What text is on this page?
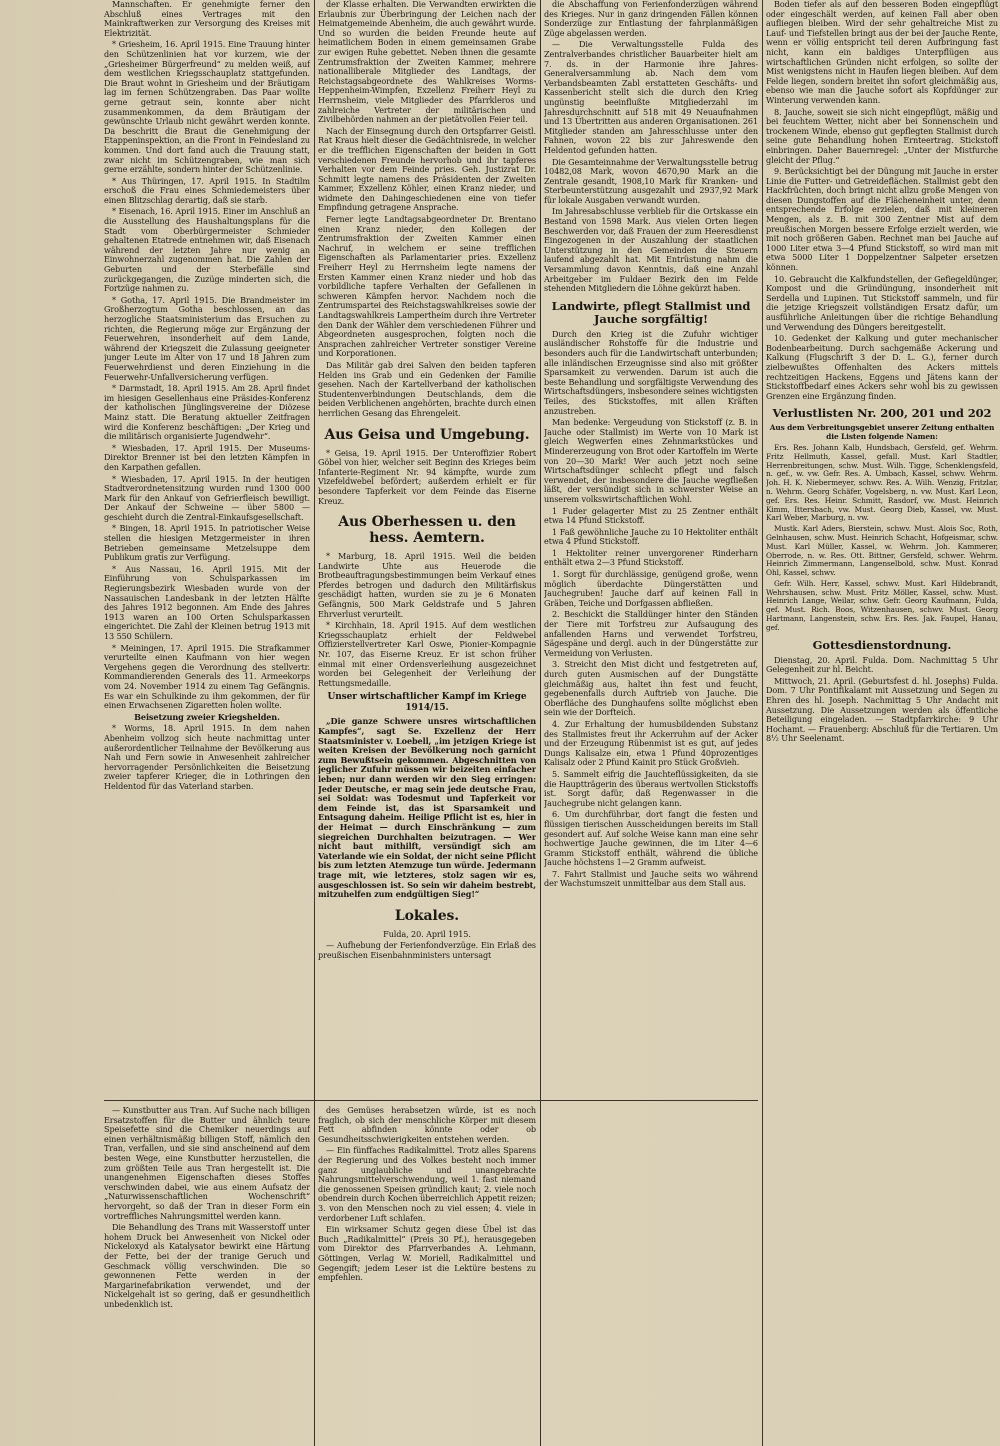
Mannschaften. Er genehmigte ferner den Abschluß eines Vertrages mit den Mainkraftwerken zur Versorgung des Kreises mit Elektrizität.

* Griesheim, 16. April 1915. Eine Trauung hinter den Schützenlinien hat vor kurzem, wie der „Griesheimer Bürgerfreund“ zu melden weiß, auf dem westlichen Kriegsschauplatz stattgefunden. Die Braut wohnt in Griesheim und der Bräutigam lag im fernen Schützengraben. Das Paar wollte gerne getraut sein, konnte aber nicht zusammenkommen, da dem Bräutigam der gewünschte Urlaub nicht gewährt werden konnte. Da beschritt die Braut die Genehmigung der Etappeninspektion, an die Front in Feindesland zu kommen. Und dort fand auch die Trauung statt, zwar nicht im Schützengraben, wie man sich gerne erzählte, sondern hinter der Schützenlinie.

* Aus Thüringen, 17. April 1915. In Stadtilm erschoß die Frau eines Schmiedemeisters über einen Blitzschlag derartig, daß sie starb.

* Eisenach, 16. April 1915. Einer im Anschluß an die Ausstellung des Haushaltungsplans für die Stadt vom Oberbürgermeister Schmieder gehaltenen Etatrede entnehmen wir, daß Eisenach während der letzten Jahre nur wenig an Einwohnerzahl zugenommen hat. Die Zahlen der Geburten und der Sterbefälle sind zurückgegangen, die Zuzüge minderten sich, die Fortzüge nahmen zu.

* Gotha, 17. April 1915. Die Brandmeister im Großherzogtum Gotha beschlossen, an das herzogliche Staatsministerium das Ersuchen zu richten, die Regierung möge zur Ergänzung der Feuerwehren, insonderheit auf dem Lande, während der Kriegszeit die Zulassung geeigneter junger Leute im Alter von 17 und 18 Jahren zum Feuerwehrdienst und deren Einziehung in die Feuerwehr-Unfallversicherung verfügen.

* Darmstadt, 18. April 1915. Am 28. April findet im hiesigen Gesellenhaus eine Präsides-Konferenz der katholischen Jünglingsvereine der Diözese Mainz statt. Die Beratung aktueller Zeitfragen wird die Konferenz beschäftigen: „Der Krieg und die militärisch organisierte Jugendwehr“.

* Wiesbaden, 17. April 1915. Der Museums-Direktor Brenner ist bei den letzten Kämpfen in den Karpathen gefallen.

* Wiesbaden, 17. April 1915. In der heutigen Stadtverordnetensitzung wurden rund 1300 000 Mark für den Ankauf von Gefrierfleisch bewilligt. Der Ankauf der Schweine — über 5800 — geschieht durch die Zentral-Einkaufsgesellschaft.

* Bingen, 18. April 1915. In patriotischer Weise stellen die hiesigen Metzgermeister in ihren Betrieben gemeinsame Metzelsuppe dem Publikum gratis zur Verfügung.

* Aus Nassau, 16. April 1915. Mit der Einführung von Schulsparkassen im Regierungsbezirk Wiesbaden wurde von der Nassauischen Landesbank in der letzten Hälfte des Jahres 1912 begonnen. Am Ende des Jahres 1913 waren an 100 Orten Schulsparkassen eingerichtet. Die Zahl der Kleinen betrug 1913 mit 13 550 Schülern.

* Meiningen, 17. April 1915. Die Strafkammer verurteilte einen Kaufmann von hier wegen Vergehens gegen die Verordnung des stellvertr. Kommandierenden Generals des 11. Armeekorps vom 24. November 1914 zu einem Tag Gefängnis. Es war ein Schulkinde zu ihm gekommen, der für einen Erwachsenen Zigaretten holen wollte.

Beisetzung zweier Kriegshelden.

* Worms, 18. April 1915. In dem nahen Abenheim vollzog sich heute nachmittag unter außerordentlicher Teilnahme der Bevölkerung aus Nah und Fern sowie in Anwesenheit zahlreicher hervorragender Persönlichkeiten die Beisetzung zweier tapferer Krieger, die in Lothringen den Heldentod für das Vaterland starben.

— Kunstbutter aus Tran. Auf Suche nach billigen Ersatzstoffen für die Butter und ähnlich teure Speisefette sind die Chemiker neuerdings auf einen verhältnismäßig billigen Stoff, nämlich den Tran, verfallen, und sie sind anscheinend auf dem besten Wege, eine Kunstbutter herzustellen, die zum größten Teile aus Tran hergestellt ist. Die unangenehmen Eigenschaften dieses Stoffes verschwinden dabei, wie aus einem Aufsatz der „Naturwissenschaftlichen Wochenschrift“ hervorgeht, so daß der Tran in dieser Form ein vortreffliches Nahrungsmittel werden kann.

Die Behandlung des Trans mit Wasserstoff unter hohem Druck bei Anwesenheit von Nickel oder Nickeloxyd als Katalysator bewirkt eine Härtung der Fette, bei der der tranige Geruch und Geschmack völlig verschwinden. Die so gewonnenen Fette werden in der Margarinefabrikation verwendet, und der Nickelgehalt ist so gering, daß er gesundheitlich unbedenklich ist.

der Klasse erhalten. Die Verwandten erwirkten die Erlaubnis zur Überbringung der Leichen nach der Heimatgemeinde Abenheim, die auch gewährt wurde. Und so wurden die beiden Freunde heute auf heimatlichem Boden in einem gemeinsamen Grabe zur ewigen Ruhe gebettet. Neben ihnen die gesamte Zentrumsfraktion der Zweiten Kammer, mehrere nationalliberale Mitglieder des Landtags, der Reichstagsabgeordnete des Wahlkreises Worms-Heppenheim-Wimpfen, Exzellenz Freiherr Heyl zu Herrnsheim, viele Mitglieder des Pfarrkleros und zahlreiche Vertreter der militärischen und Zivilbehörden nahmen an der pietätvollen Feier teil.

Nach der Einsegnung durch den Ortspfarrer Geistl. Rat Kraus hielt dieser die Gedächtnisrede, in welcher er die trefflichen Eigenschaften der beiden in Gott verschiedenen Freunde hervorhob und ihr tapferes Verhalten vor dem Feinde pries. Geh. Justizrat Dr. Schmitt legte namens des Präsidenten der Zweiten Kammer, Exzellenz Köhler, einen Kranz nieder, und widmete den Dahingeschiedenen eine von tiefer Empfindung getragene Ansprache.

Ferner legte Landtagsabgeordneter Dr. Brentano einen Kranz nieder, den Kollegen der Zentrumsfraktion der Zweiten Kammer einen Nachruf, in welchem er seine trefflichen Eigenschaften als Parlamentarier pries. Exzellenz Freiherr Heyl zu Herrnsheim legte namens der Ersten Kammer einen Kranz nieder und hob das vorbildliche tapfere Verhalten der Gefallenen in schweren Kämpfen hervor. Nachdem noch die Zentrumspartei des Reichstagswahlkreises sowie der Landtagswahlkreis Lampertheim durch ihre Vertreter den Dank der Wähler dem verschiedenen Führer und Abgeordneten ausgesprochen, folgten noch die Ansprachen zahlreicher Vertreter sonstiger Vereine und Korporationen.

Das Militär gab drei Salven den beiden tapferen Helden ins Grab und ein Gedenken der Familie gesehen. Nach der Kartellverband der katholischen Studentenverbindungen Deutschlands, dem die beiden Verblichenen angehörten, brachte durch einen herrlichen Gesang das Ehrengeleit.

Aus Geisa und Umgebung.

* Geisa, 19. April 1915. Der Unteroffizier Robert Göbel von hier, welcher seit Beginn des Krieges beim Infanterie-Regiment Nr. 94 kämpfte, wurde zum Vizefeldwebel befördert; außerdem erhielt er für besondere Tapferkeit vor dem Feinde das Eiserne Kreuz.

Aus Oberhessen u. den hess. Aemtern.

* Marburg, 18. April 1915. Weil die beiden Landwirte Uhte aus Heuerode die Brotbeauftragungsbestimmungen beim Verkauf eines Pferdes betrogen und dadurch den Militärfiskus geschädigt hatten, wurden sie zu je 6 Monaten Gefängnis, 500 Mark Geldstrafe und 5 Jahren Ehrverlust verurteilt.

* Kirchhain, 18. April 1915. Auf dem westlichen Kriegsschauplatz erhielt der Feldwebel Offizierstellvertreter Karl Oswe, Pionier-Kompagnie Nr. 107, das Eiserne Kreuz. Er ist schon früher einmal mit einer Ordensverleihung ausgezeichnet worden bei Gelegenheit der Verleihung der Rettungsmedaille.

Unser wirtschaftlicher Kampf im Kriege 1914/15.

„Die ganze Schwere unsres wirtschaftlichen Kampfes“, sagt Se. Exzellenz der Herr Staatsminister v. Loebell, „im jetzigen Kriege ist weiten Kreisen der Bevölkerung noch garnicht zum Bewußtsein gekommen. Abgeschnitten von jeglicher Zufuhr müssen wir beizeiten einfacher leben; nur dann werden wir den Sieg erringen: Jeder Deutsche, er mag sein jede deutsche Frau, sei Soldat: was Todesmut und Tapferkeit vor dem Feinde ist, das ist Sparsamkeit und Entsagung daheim. Heilige Pflicht ist es, hier in der Heimat — durch Einschränkung — zum siegreichen Durchhalten beizutragen. — Wer nicht baut mithilft, versündigt sich am Vaterlande wie ein Soldat, der nicht seine Pflicht bis zum letzten Atemzuge tun würde. Jedermann trage mit, wie letzteres, stolz sagen wir es, ausgeschlossen ist. So sein wir daheim bestrebt, mitzuhelfen zum endgültigen Sieg!“

Lokales.

Fulda, 20. April 1915.

— Aufhebung der Ferienfondverzüge. Ein Erlaß des preußischen Eisenbahnministers untersagt

des Gemüses herabsetzen würde, ist es noch fraglich, ob sich der menschliche Körper mit diesem Fett abfinden könnte oder ob Gesundheitsschwierigkeiten entstehen werden.

— Ein fünffaches Radikalmittel. Trotz alles Sparens der Regierung und des Volkes besteht noch immer ganz unglaubliche und unangebrachte Nahrungsmittelverschwendung, weil 1. fast niemand die genossenen Speisen gründlich kaut; 2. viele noch obendrein durch Kochen überreichlich Appetit reizen; 3. von den Menschen noch zu viel essen; 4. viele in verdorbener Luft schlafen.

Ein wirksamer Schutz gegen diese Übel ist das Buch „Radikalmittel“ (Preis 30 Pf.), herausgegeben vom Direktor des Pfarrverbandes A. Lehmann, Göttingen, Verlag W. Moriell, Radikalmittel und Gegengift; jedem Leser ist die Lektüre bestens zu empfehlen.

die Abschaffung von Ferienfonderzügen während des Krieges. Nur in ganz dringenden Fällen können Sonderzüge zur Entlastung der fahrplanmäßigen Züge abgelassen werden.

— Die Verwaltungsstelle Fulda des Zentralverbandes christlicher Bauarbeiter hielt am 7. ds. in der Harmonie ihre Jahres-Generalversammlung ab. Nach dem vom Verbandsbeamten Zabl erstatteten Geschäfts- und Kassenbericht stellt sich die durch den Krieg ungünstig beeinflußte Mitgliederzahl im Jahresdurchschnitt auf 518 mit 49 Neuaufnahmen und 13 Übertritten aus anderen Organisationen. 261 Mitglieder standen am Jahresschlusse unter den Fahnen, wovon 22 bis zur Jahreswende den Heldentod gefunden hatten.

Die Gesamteinnahme der Verwaltungsstelle betrug 10482,08 Mark, wovon 4670,90 Mark an die Zentrale gesandt, 1908,10 Mark für Kranken- und Sterbeunterstützung ausgezahlt und 2937,92 Mark für lokale Ausgaben verwandt wurden.

Im Jahresabschlusse verblieb für die Ortskasse ein Bestand von 1598 Mark. Aus vielen Orten liegen Beschwerden vor, daß Frauen der zum Heeresdienst Eingezogenen in der Auszahlung der staatlichen Unterstützung in den Gemeinden die Steuern laufend abgezahlt hat. Mit Entrüstung nahm die Versammlung davon Kenntnis, daß eine Anzahl Arbeitgeber im Fuldaer Bezirk den im Felde stehenden Mitgliedern die Löhne gekürzt haben.

Landwirte, pflegt Stallmist und Jauche sorgfältig!

Durch den Krieg ist die Zufuhr wichtiger ausländischer Rohstoffe für die Industrie und besonders auch für die Landwirtschaft unterbunden; alle inländischen Erzeugnisse sind also mit größter Sparsamkeit zu verwenden. Darum ist auch die beste Behandlung und sorgfältigste Verwendung des Wirtschaftsdüngers, insbesondere seines wichtigsten Teiles, des Stickstoffes, mit allen Kräften anzustreben.

Man bedenke: Vergeudung von Stickstoff (z. B. in Jauche oder Stallmist) im Werte von 10 Mark ist gleich Wegwerfen eines Zehnmarkstückes und Mindererzeugung von Brot oder Kartoffeln im Werte von 20—30 Mark! Wer auch jetzt noch seine Wirtschaftsdünger schlecht pflegt und falsch verwendet, der insbesondere die Jauche wegfließen läßt, der versündigt sich in schwerster Weise an unserem volkswirtschaftlichen Wohl.

1 Fuder gelagerter Mist zu 25 Zentner enthält etwa 14 Pfund Stickstoff.

1 Faß gewöhnliche Jauche zu 10 Hektoliter enthält etwa 4 Pfund Stickstoff.

1 Hektoliter reiner unvergorener Rinderharn enthält etwa 2—3 Pfund Stickstoff.

1. Sorgt für durchlässige, genügend große, wenn möglich überdachte Düngerstätten und Jauchegruben! Jauche darf auf keinen Fall in Gräben, Teiche und Dorfgassen abfließen.

2. Beschickt die Stalldünger hinter den Ständen der Tiere mit Torfstreu zur Aufsaugung des anfallenden Harns und verwendet Torfstreu, Sägespäne und dergl. auch in der Düngerstätte zur Vermeidung von Verlusten.

3. Streicht den Mist dicht und festgetreten auf, durch guten Ausmischen auf der Dungstätte gleichmäßig aus, haltet ihn fest und feucht, gegebenenfalls durch Auftrieb von Jauche. Die Oberfläche des Dunghaufens sollte möglichst eben sein wie der Dorfteich.

4. Zur Erhaltung der humusbildenden Substanz des Stallmistes freut ihr Ackerruhm auf der Acker und der Erzeugung Rübenmist ist es gut, auf jedes Dungs Kalisalze ein, etwa 1 Pfund 40prozentiges Kalisalz oder 2 Pfund Kainit pro Stück Großvieh.

5. Sammelt eifrig die Jauchteflüssigkeiten, da sie die Hauptträgerin des überaus wertvollen Stickstoffs ist. Sorgt dafür, daß Regenwasser in die Jauchegrube nicht gelangen kann.

6. Um durchführbar, dort fangt die festen und flüssigen tierischen Ausscheidungen bereits im Stall gesondert auf. Auf solche Weise kann man eine sehr hochwertige Jauche gewinnen, die im Liter 4—6 Gramm Stickstoff enthält, während die übliche Jauche höchstens 1—2 Gramm aufweist.

7. Fahrt Stallmist und Jauche seits wo während der Wachstumszeit unmittelbar aus dem Stall aus.

Boden tiefer als auf den besseren Boden eingepflügt oder eingeschält werden, auf keinen Fall aber oben aufliegen bleiben. Wird der sehr gehaltreiche Mist zu Lauf- und Tiefstellen bringt aus der bei der Jauche Rente, wenn er völlig entspricht teil deren Aufbringung fast nicht, kann ein baldiges Unterpflügen aus wirtschaftlichen Gründen nicht erfolgen, so sollte der Mist wenigstens nicht in Haufen liegen bleiben. Auf dem Felde liegen, sondern breitet ihn sofort gleichmäßig aus, ebenso wie man die Jauche sofort als Kopfdünger zur Winterung verwenden kann.

8. Jauche, soweit sie sich nicht eingepflügt, mäßig und bei feuchtem Wetter, nicht aber bei Sonnenschein und trockenem Winde, ebenso gut gepflegten Stallmist durch seine gute Behandlung hohen Ernteertrag. Stickstoff einbringen. Daher Bauernregel: „Unter der Mistfurche gleicht der Pflug.“

9. Berücksichtigt bei der Düngung mit Jauche in erster Linie die Futter- und Getreideflächen. Stallmist gebt den Hackfrüchten, doch bringt nicht allzu große Mengen von diesen Dungstoffen auf die Flächeneinheit unter, denn entsprechende Erfolge erzielen, daß mit kleineren Mengen, als z. B. mit 300 Zentner Mist auf dem preußischen Morgen bessere Erfolge erzielt werden, wie mit noch größeren Gaben. Rechnet man bei Jauche auf 1000 Liter etwa 3—4 Pfund Stickstoff, so wird man mit etwa 5000 Liter 1 Doppelzentner Salpeter ersetzen können.

10. Gebraucht die Kalkfundstellen, der Gefiegeldünger, Kompost und die Gründüngung, insonderheit mit Serdella und Lupinen. Tut Stickstoff sammeln, und für die jetzige Kriegszeit vollständigen Ersatz dafür, um ausführliche Anleitungen über die richtige Behandlung und Verwendung des Düngers bereitgestellt.

10. Gedenket der Kalkung und guter mechanischer Bodenbearbeitung. Durch sachgemäße Ackerung und Kalkung (Flugschrift 3 der D. L. G.), ferner durch zielbewußtes Offenhalten des Ackers mittels rechtzeitigen Hackens, Eggens und Jätens kann der Stickstoffbedarf eines Ackers sehr wohl bis zu gewissen Grenzen eine Ergänzung finden.

Verlustlisten Nr. 200, 201 und 202

Aus dem Verbreitungsgebiet unserer Zeitung enthalten die Listen folgende Namen:

Ers. Res. Johann Kalb, Hundsbach, Gersfeld, gef. Wehrm. Fritz Hellmuth, Kassel, gefall. Must. Karl Stadtler, Herrenbreitungen, schw. Must. Wilh. Tigge, Schenklengsfeld, n. gef., w. vw. Gefr. Res. A. Umbach, Kassel, schwv. Wehrm. Joh. H. K. Niebermeyer, schwv. Res. A. Wilh. Wenzig, Fritzlar, n. Wehrm. Georg Schäfer, Vogelsberg, n. vw. Must. Karl Leon, gef. Ers. Res. Heinr. Schmitt, Rasdorf, vw. Must. Heinrich Kimm, Ittersbach, vw. Must. Georg Dieb, Kassel, vw. Must. Karl Weber, Marburg, n. vw.

Mustk. Karl Aders, Bierstein, schwv. Must. Alois Soc, Roth, Gelnhausen, schw. Must. Heinrich Schacht, Hofgeismar, schw. Must. Karl Müller, Kassel, w. Wehrm. Joh. Kammerer, Oberrode, n. w. Res. Ott. Bittner, Gersfeld, schwer. Wehrm. Heinrich Zimmermann, Langenselbold, schw. Must. Konrad Ohl, Kassel, schwv.

Gefr. Wilh. Herr, Kassel, schwv. Must. Karl Hildebrandt, Wehrshausen, schw. Must. Fritz Möller, Kassel, schw. Must. Heinrich Lange, Weilar, schw. Gefr. Georg Kaufmann, Fulda, gef. Must. Rich. Boos, Witzenhausen, schwv. Must. Georg Hartmann, Langenstein, schw. Ers. Res. Jak. Faupel, Hanau, gef.

Gottesdienstordnung.

Dienstag, 20. April. Fulda. Dom. Nachmittag 5 Uhr Gelegenheit zur hl. Beicht.

Mittwoch, 21. April. (Geburtsfest d. hl. Josephs) Fulda. Dom. 7 Uhr Pontifikalamt mit Aussetzung und Segen zu Ehren des hl. Joseph. Nachmittag 5 Uhr Andacht mit Aussetzung. Die Aussetzungen werden als öffentliche Beteiligung eingeladen. — Stadtpfarrkirche: 9 Uhr Hochamt. — Frauenberg: Abschluß für die Tertiaren. Um 8½ Uhr Seelenamt.
